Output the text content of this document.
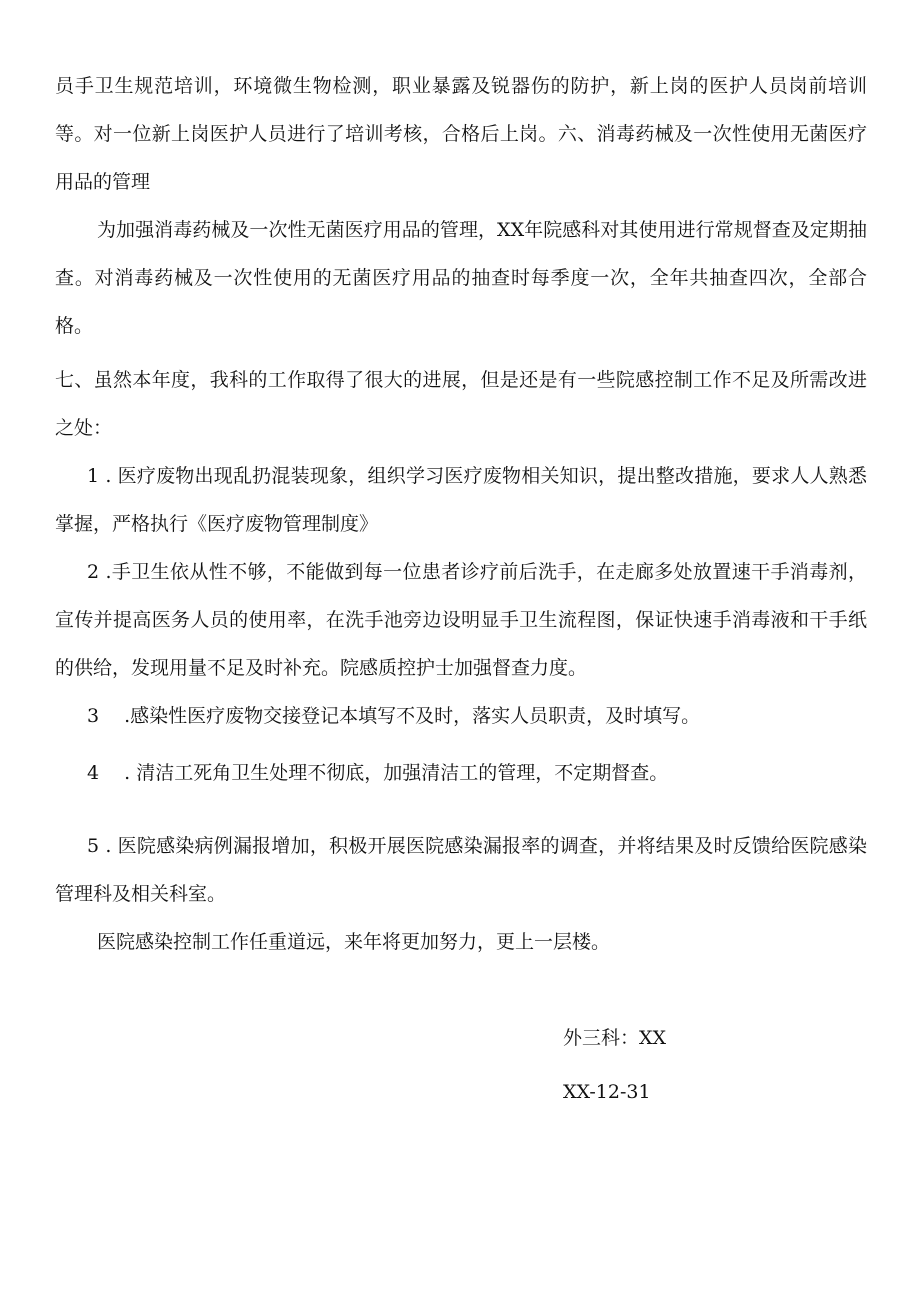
员手卫生规范培训，环境微生物检测，职业暴露及锐器伤的防护，新上岗的医护人员岗前培训等。对一位新上岗医护人员进行了培训考核，合格后上岗。六、消毒药械及一次性使用无菌医疗用品的管理

为加强消毒药械及一次性无菌医疗用品的管理，XX年院感科对其使用进行常规督查及定期抽查。对消毒药械及一次性使用的无菌医疗用品的抽查时每季度一次，全年共抽查四次，全部合格。

七、虽然本年度，我科的工作取得了很大的进展，但是还是有一些院感控制工作不足及所需改进之处：

1 . 医疗废物出现乱扔混装现象，组织学习医疗废物相关知识，提出整改措施，要求人人熟悉掌握，严格执行《医疗废物管理制度》

2 .手卫生依从性不够，不能做到每一位患者诊疗前后洗手，在走廊多处放置速干手消毒剂，宣传并提高医务人员的使用率，在洗手池旁边设明显手卫生流程图，保证快速手消毒液和干手纸的供给，发现用量不足及时补充。院感质控护士加强督查力度。

3　 .感染性医疗废物交接登记本填写不及时，落实人员职责，及时填写。

4　 . 清洁工死角卫生处理不彻底，加强清洁工的管理，不定期督查。

5 . 医院感染病例漏报增加，积极开展医院感染漏报率的调查，并将结果及时反馈给医院感染管理科及相关科室。

医院感染控制工作任重道远，来年将更加努力，更上一层楼。

外三科：XX

XX-12-31
